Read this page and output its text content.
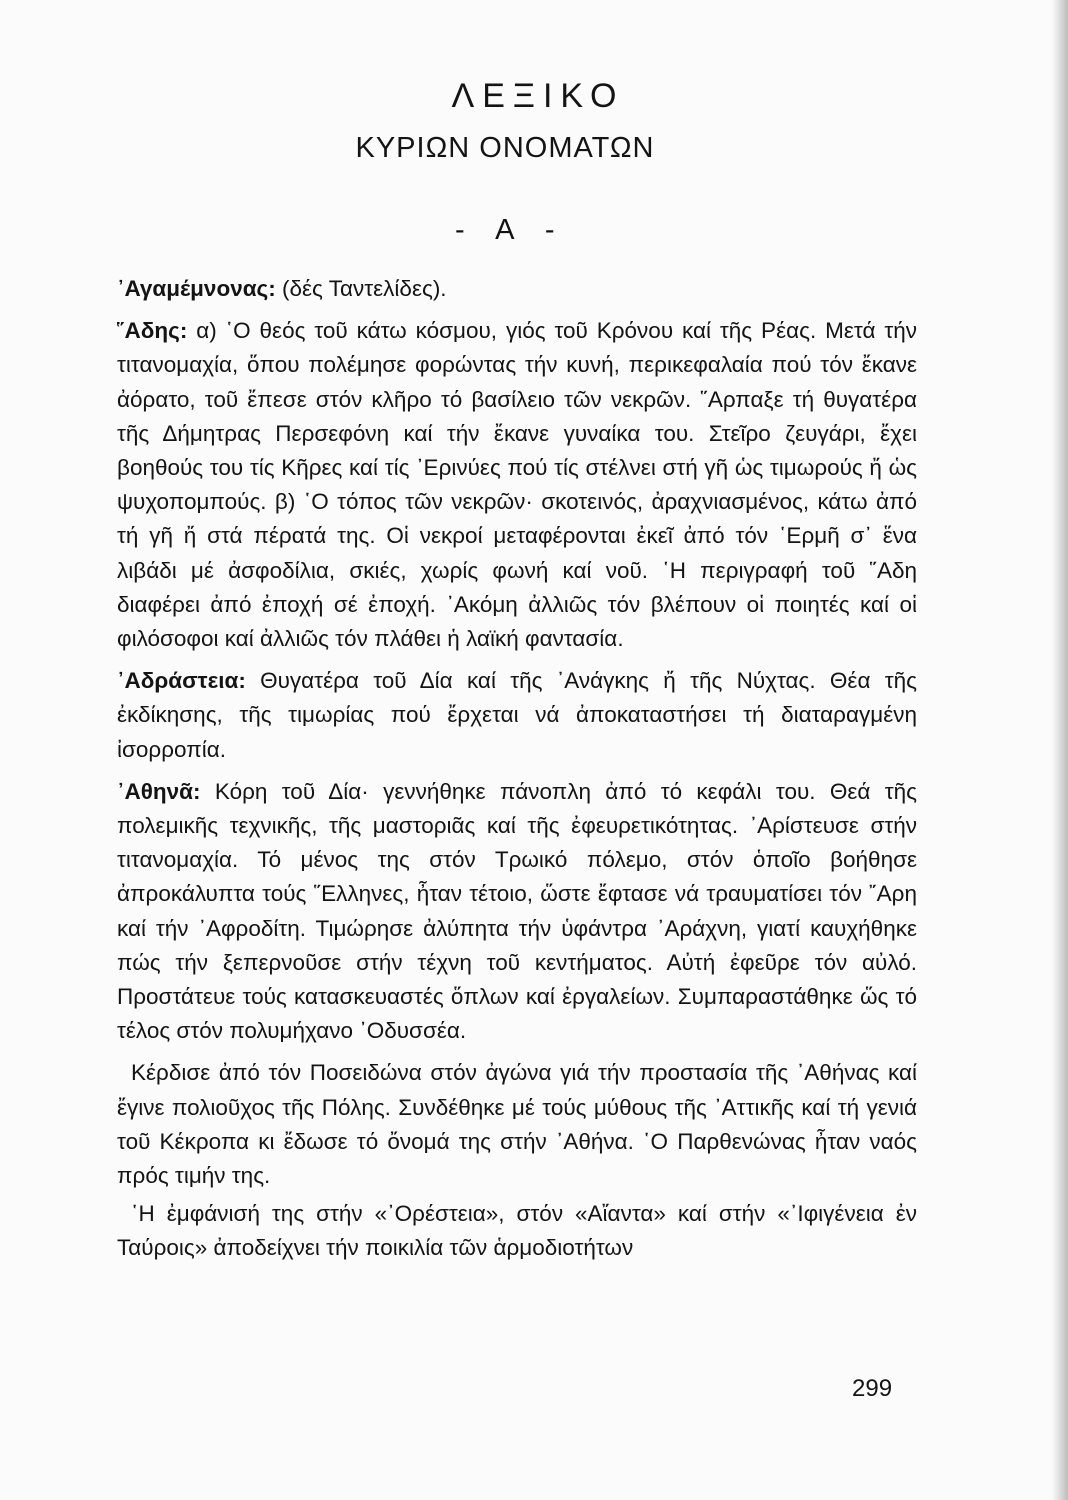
ΛΕΞΙΚΟ
ΚΥΡΙΩΝ ΟΝΟΜΑΤΩΝ
- Α -

᾿Αγαμέμνονας: (δές Ταντελίδες).

῞Αδης: α) ῾Ο θεός τοῦ κάτω κόσμου, γιός τοῦ Κρόνου καί τῆς Ρέας. Μετά τήν τιτανομαχία, ὅπου πολέμησε φορώντας τήν κυνή, περικεφαλαία πού τόν ἔκανε ἀόρατο, τοῦ ἔπεσε στόν κλῆρο τό βασίλειο τῶν νεκρῶν. ῞Αρπαξε τή θυγατέρα τῆς Δήμητρας Περσεφόνη καί τήν ἔκανε γυναίκα του. Στεῖρο ζευγάρι, ἔχει βοηθούς του τίς Κῆρες καί τίς ᾿Ερινύες πού τίς στέλνει στή γῆ ὡς τιμωρούς ἤ ὡς ψυχοπομπούς. β) ῾Ο τόπος τῶν νεκρῶν· σκοτεινός, ἀραχνιασμένος, κάτω ἀπό τή γῆ ἤ στά πέρατά της. Οἱ νεκροί μεταφέρονται ἐκεῖ ἀπό τόν ῾Ερμῆ σ᾿ ἕνα λιβάδι μέ ἀσφοδίλια, σκιές, χωρίς φωνή καί νοῦ. ῾Η περιγραφή τοῦ ῞Αδη διαφέρει ἀπό ἐποχή σέ ἐποχή. ᾿Ακόμη ἀλλιῶς τόν βλέπουν οἱ ποιητές καί οἱ φιλόσοφοι καί ἀλλιῶς τόν πλάθει ἡ λαϊκή φαντασία.

᾿Αδράστεια: Θυγατέρα τοῦ Δία καί τῆς ᾿Ανάγκης ἤ τῆς Νύχτας. Θέα τῆς ἐκδίκησης, τῆς τιμωρίας πού ἔρχεται νά ἀποκαταστήσει τή διαταραγμένη ἰσορροπία.

᾿Αθηνᾶ: Κόρη τοῦ Δία· γεννήθηκε πάνοπλη ἀπό τό κεφάλι του. Θεά τῆς πολεμικῆς τεχνικῆς, τῆς μαστοριᾶς καί τῆς ἐφευρετικότητας. ᾿Αρίστευσε στήν τιτανομαχία. Τό μένος της στόν Τρωικό πόλεμο, στόν ὁποῖο βοήθησε ἀπροκάλυπτα τούς ῞Ελληνες, ἦταν τέτοιο, ὥστε ἔφτασε νά τραυματίσει τόν ῎Αρη καί τήν ᾿Αφροδίτη. Τιμώρησε ἀλύπητα τήν ὑφάντρα ᾿Αράχνη, γιατί καυχήθηκε πώς τήν ξεπερνοῦσε στήν τέχνη τοῦ κεντήματος. Αὐτή ἐφεῦρε τόν αὐλό. Προστάτευε τούς κατασκευαστές ὅπλων καί ἐργαλείων. Συμπαραστάθηκε ὥς τό τέλος στόν πολυμήχανο ᾿Οδυσσέα.

Κέρδισε ἀπό τόν Ποσειδώνα στόν ἀγώνα γιά τήν προστασία τῆς ᾿Αθήνας καί ἔγινε πολιοῦχος τῆς Πόλης. Συνδέθηκε μέ τούς μύθους τῆς ᾿Αττικῆς καί τή γενιά τοῦ Κέκροπα κι ἔδωσε τό ὄνομά της στήν ᾿Αθήνα. ῾Ο Παρθενώνας ἦταν ναός πρός τιμήν της.

῾Η ἐμφάνισή της στήν «᾿Ορέστεια», στόν «Αἴαντα» καί στήν «᾿Ιφιγένεια ἐν Ταύροις» ἀποδείχνει τήν ποικιλία τῶν ἁρμοδιοτήτων

299
